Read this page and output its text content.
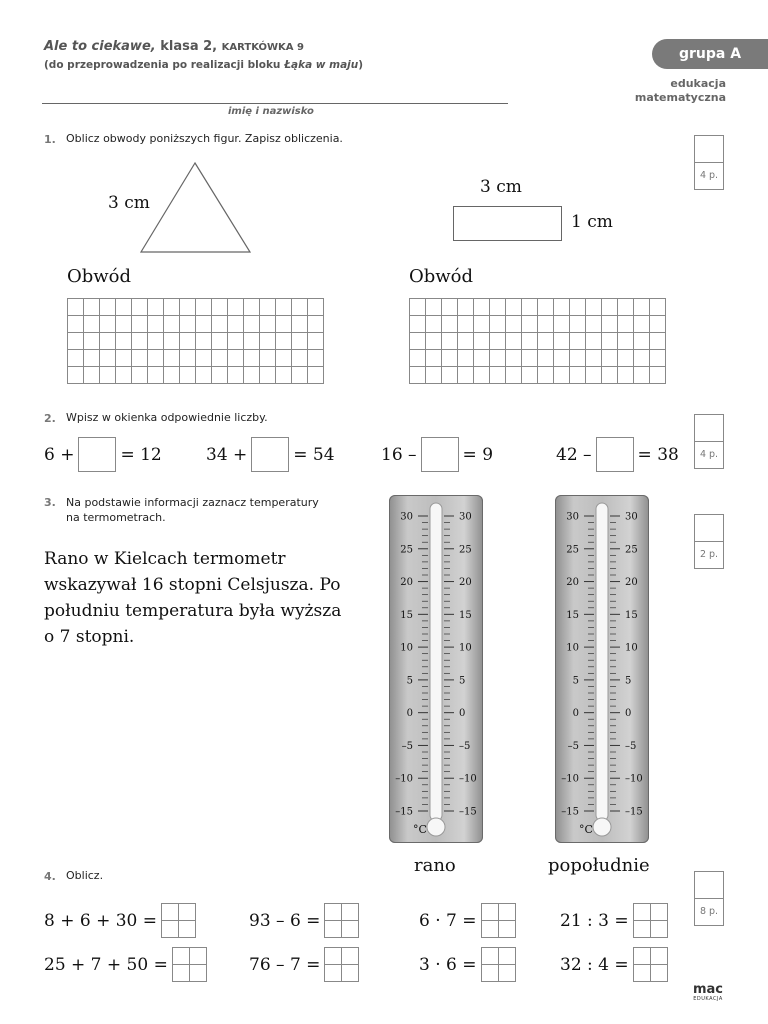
Ale to ciekawe, klasa 2, KARTKÓWKA 9
(do przeprowadzenia po realizacji bloku Łąka w maju)
grupa A
edukacja
matematyczna
imię i nazwisko
1. Oblicz obwody poniższych figur. Zapisz obliczenia.
4 p.
3 cm
3 cm
1 cm
Obwód	Obwód
2. Wpisz w okienka odpowiednie liczby.
4 p.
6 +	= 12	34 +	= 54	16 –	= 9	42 –	= 38
3. Na podstawie informacji zaznacz temperatury
na termometrach.
2 p.
Rano w Kielcach termometr
wskazywał 16 stopni Celsjusza. Po
południu temperatura była wyższa
o 7 stopni.
30	30
25	25
20	20
15	15
10	10
5	5
0	0
–5	–5
–10	–10
–15	–15
°C
30	30
25	25
20	20
15	15
10	10
5	5
0	0
–5	–5
–10	–10
–15	–15
°C
rano	popołudnie
4. Oblicz.
8 p.
8 + 6 + 30 =	93 – 6 =	6 · 7 =	21 : 3 =
25 + 7 + 50 =	76 – 7 =	3 · 6 =	32 : 4 =
mac
EDUKACJA
